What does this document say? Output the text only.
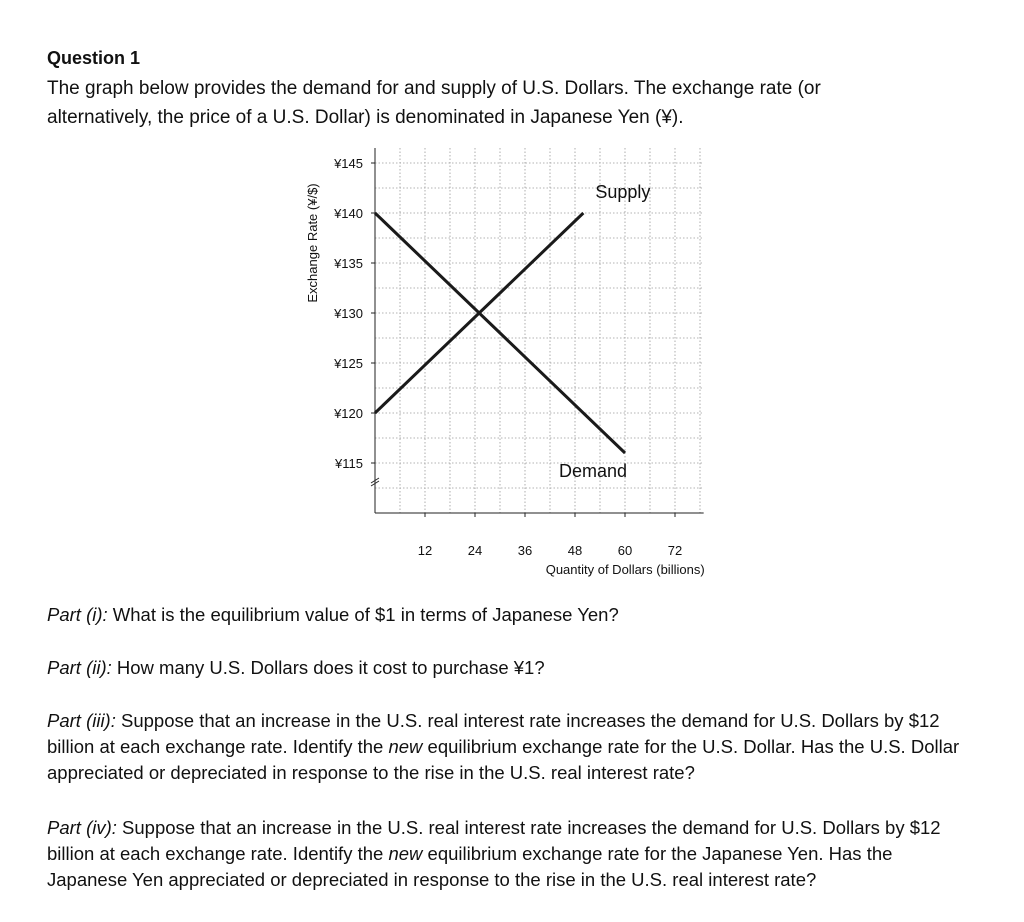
Question 1
The graph below provides the demand for and supply of U.S. Dollars. The exchange rate (or alternatively, the price of a U.S. Dollar) is denominated in Japanese Yen (¥).
¥145
¥140
¥135
¥130
¥125
¥120
¥115
12	24	36	48	60	72
Quantity of Dollars (billions)
Exchange Rate (¥/$)	Supply
Demand
Part (i): What is the equilibrium value of $1 in terms of Japanese Yen?
Part (ii): How many U.S. Dollars does it cost to purchase ¥1?
Part (iii): Suppose that an increase in the U.S. real interest rate increases the demand for U.S. Dollars by $12 billion at each exchange rate. Identify the new equilibrium exchange rate for the U.S. Dollar. Has the U.S. Dollar appreciated or depreciated in response to the rise in the U.S. real interest rate?
Part (iv): Suppose that an increase in the U.S. real interest rate increases the demand for U.S. Dollars by $12 billion at each exchange rate. Identify the new equilibrium exchange rate for the Japanese Yen. Has the Japanese Yen appreciated or depreciated in response to the rise in the U.S. real interest rate?
